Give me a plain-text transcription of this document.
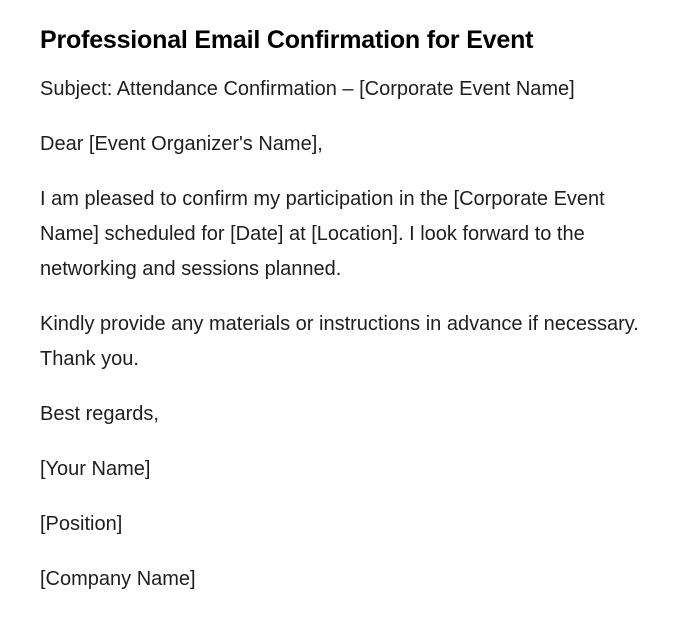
Professional Email Confirmation for Event

Subject: Attendance Confirmation – [Corporate Event Name]

Dear [Event Organizer's Name],

I am pleased to confirm my participation in the [Corporate Event Name] scheduled for [Date] at [Location]. I look forward to the networking and sessions planned.

Kindly provide any materials or instructions in advance if necessary. Thank you.

Best regards,

[Your Name]

[Position]

[Company Name]
